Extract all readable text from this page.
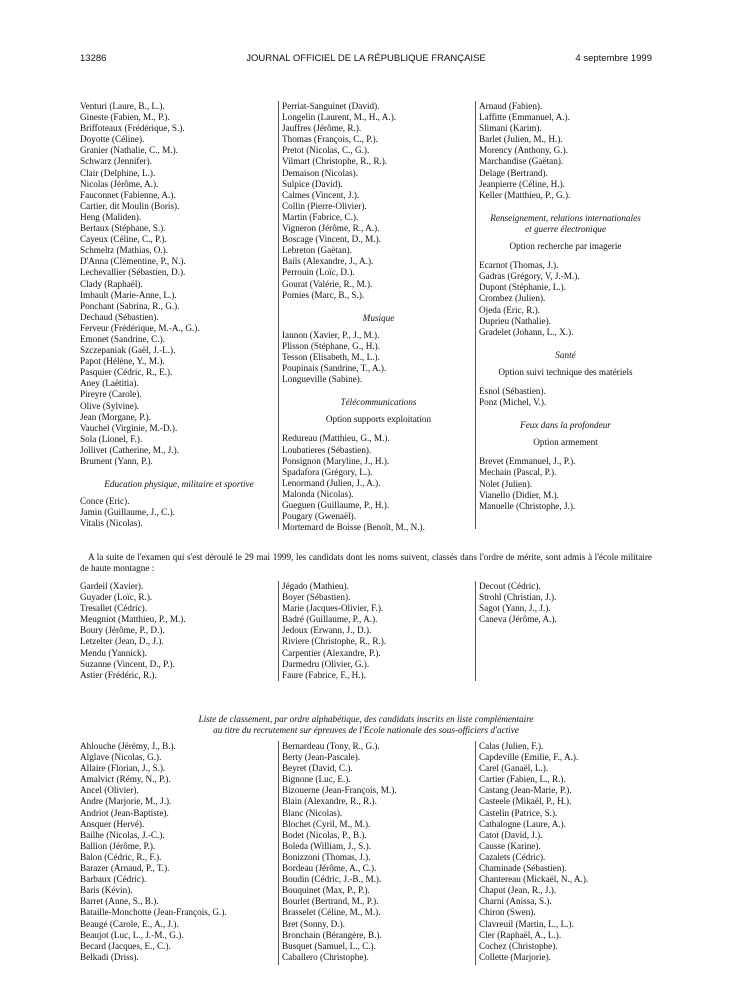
13286	JOURNAL OFFICIEL DE LA RÉPUBLIQUE FRANÇAISE	4 septembre 1999
Venturi (Laure, B., L.).
Gineste (Fabien, M., P.).
Briffoteaux (Frédérique, S.).
Doyotte (Céline).
Granier (Nathalie, C., M.).
Schwarz (Jennifer).
Clair (Delphine, L.).
Nicolas (Jérôme, A.).
Fauconnet (Fabienne, A.).
Cartier, dit Moulin (Boris).
Heng (Maliden).
Bertaux (Stéphane, S.).
Cayeux (Céline, C., P.).
Schmeltz (Mathias, O.).
D'Anna (Clémentine, P., N.).
Lechevallier (Sébastien, D.).
Clady (Raphaël).
Imbault (Marie-Anne, L.).
Ponchant (Sabrina, R., G.).
Dechaud (Sébastien).
Ferveur (Frédérique, M.-A., G.).
Emonet (Sandrine, C.).
Szczepaniak (Gaël, J.-L.).
Papot (Hélène, Y., M.).
Pasquier (Cédric, R., E.).
Aney (Laëtitia).
Pireyre (Carole).
Olive (Sylvine).
Jean (Morgane, P.).
Vauchel (Virginie, M.-D.).
Sola (Lionel, F.).
Jollivet (Catherine, M., J.).
Brument (Yann, P.).
Education physique, militaire et sportive
Conce (Eric).
Jamin (Guillaume, J., C.).
Vitalis (Nicolas).
Perriat-Sanguinet (David).
Longelin (Laurent, M., H., A.).
Jauffres (Jérôme, R.).
Thomas (François, C., P.).
Pretot (Nicolas, C., G.).
Vilmart (Christophe, R., R.).
Demaison (Nicolas).
Sulpice (David).
Calmes (Vincent, J.).
Collin (Pierre-Olivier).
Martin (Fabrice, C.).
Vigneron (Jérôme, R., A.).
Boscage (Vincent, D., M.).
Lebreton (Gaëtan).
Bails (Alexandre, J., A.).
Perrouin (Loïc, D.).
Gourat (Valérie, R., M.).
Pomies (Marc, B., S.).
Musique
Iannon (Xavier, P., J., M.).
Plisson (Stéphane, G., H.).
Tesson (Elisabeth, M., L.).
Poupinais (Sandrine, T., A.).
Longueville (Sabine).
Télécommunications
Option supports exploitation
Redureau (Matthieu, G., M.).
Loubatieres (Sébastien).
Ponsignon (Maryline, J., H.).
Spadafora (Grégory, L.).
Lenormand (Julien, J., A.).
Malonda (Nicolas).
Gueguen (Guillaume, P., H.).
Pougary (Gwenaël).
Mortemard de Boisse (Benoît, M., N.).
Arnaud (Fabien).
Laffitte (Emmanuel, A.).
Slimani (Karim).
Barlet (Julien, M., H.).
Morency (Anthony, G.).
Marchandise (Gaëtan).
Delage (Bertrand).
Jeanpierre (Céline, H.).
Keller (Matthieu, P., G.).
Renseignement, relations internationales
et guerre électronique
Option recherche par imagerie
Ecarnot (Thomas, J.).
Gadras (Grégory, V, J.-M.).
Dupont (Stéphanie, L.).
Crombez (Julien).
Ojeda (Eric, R.).
Duprieu (Nathalie).
Gradelet (Johann, L., X.).
Santé
Option suivi technique des matériels
Esnol (Sébastien).
Ponz (Michel, V.).
Feux dans la profondeur
Option armement
Brevet (Emmanuel, J., P.).
Mechain (Pascal, P.).
Nolet (Julien).
Vianello (Didier, M.).
Manuelle (Christophe, J.).
A la suite de l'examen qui s'est déroulé le 29 mai 1999, les candidats dont les noms suivent, classés dans l'ordre de mérite, sont admis à l'école militaire de haute montagne :
Gardeil (Xavier).
Guyader (Loïc, R.).
Tresallet (Cédric).
Meugniot (Matthieu, P., M.).
Boury (Jérôme, P., D.).
Letzelter (Jean, D., J.).
Mendu (Yannick).
Suzanne (Vincent, D., P.).
Astier (Frédéric, R.).
Jégado (Mathieu).
Boyer (Sébastien).
Marie (Jacques-Olivier, F.).
Badré (Guillaume, P., A.).
Jedoux (Erwann, J., D.).
Riviere (Christophe, R., R.).
Carpentier (Alexandre, P.).
Darmedru (Olivier, G.).
Faure (Fabrice, F., H.).
Decout (Cédric).
Strohl (Christian, J.).
Sagot (Yann, J., J.).
Caneva (Jérôme, A.).
Liste de classement, par ordre alphabétique, des candidats inscrits en liste complémentaire
au titre du recrutement sur épreuves de l'Ecole nationale des sous-officiers d'active
Ahlouche (Jérémy, J., B.).
Alglave (Nicolas, G.).
Allaire (Florian, J., S.).
Amalvict (Rémy, N., P.).
Ancel (Olivier).
Andre (Marjorie, M., J.).
Andriot (Jean-Baptiste).
Ansquer (Hervé).
Bailhe (Nicolas, J.-C.).
Ballion (Jérôme, P.).
Balon (Cédric, R., F.).
Barazer (Arnaud, P., T.).
Barbaux (Cédric).
Baris (Kévin).
Barret (Anne, S., B.).
Bataille-Monchotte (Jean-François, G.).
Beaugé (Carole, E., A., J.).
Beaujot (Luc, L., J.-M., G.).
Becard (Jacques, E., C.).
Belkadi (Driss).
Bernardeau (Tony, R., G.).
Berty (Jean-Pascale).
Beyret (David, C.).
Bignone (Luc, E.).
Bizouerne (Jean-François, M.).
Blain (Alexandre, R., R.).
Blanc (Nicolas).
Blochet (Cyril, M., M.).
Bodet (Nicolas, P., B.).
Boleda (William, J., S.).
Bonizzoni (Thomas, J.).
Bordeau (Jérôme, A., C.).
Boudin (Cédric, J.-B., M.).
Bouquinet (Max, P., P.).
Bourlet (Bertrand, M., P.).
Brasselet (Céline, M., M.).
Bret (Sonny, D.).
Bronchain (Bérangère, B.).
Busquet (Samuel, L., C.).
Caballero (Christophe).
Calas (Julien, F.).
Capdeville (Emilie, F., A.).
Carel (Ganaël, L.).
Cartier (Fabien, L., R.).
Castang (Jean-Marie, P.).
Casteele (Mikaël, P., H.).
Castelin (Patrice, S.).
Cathalogne (Laure, A.).
Catot (David, J.).
Causse (Karine).
Cazalets (Cédric).
Chaminade (Sébastien).
Chantereau (Mickaël, N., A.).
Chaput (Jean, R., J.).
Charni (Anissa, S.).
Chiron (Swen).
Clavreuil (Martin, L., L.).
Cler (Raphaël, A., L.).
Cochez (Christophe).
Collette (Marjorie).
